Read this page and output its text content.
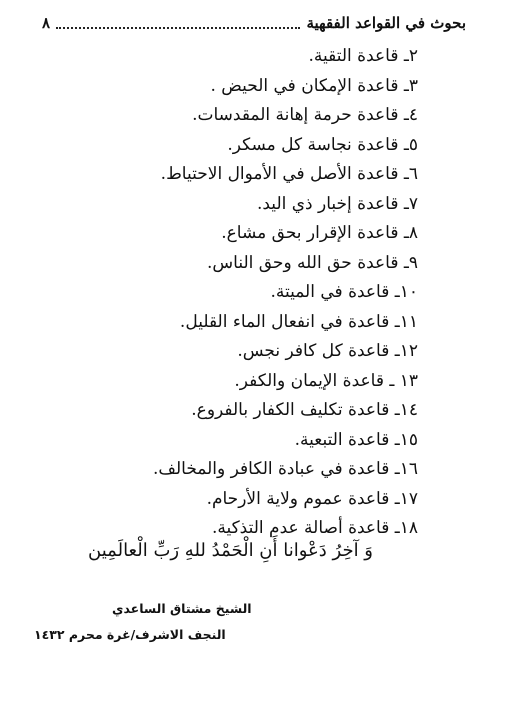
بحوث في القواعد الفقهية
٨
٢ـ قاعدة التقية.
٣ـ قاعدة الإمكان في الحيض .
٤ـ قاعدة حرمة إهانة المقدسات.
٥ـ قاعدة نجاسة كل مسكر.
٦ـ قاعدة الأصل في الأموال الاحتياط.
٧ـ قاعدة إخبار ذي اليد.
٨ـ قاعدة الإقرار بحق مشاع.
٩ـ قاعدة حق الله وحق الناس.
١٠ـ قاعدة في الميتة.
١١ـ قاعدة في انفعال الماء القليل.
١٢ـ قاعدة كل كافر نجس.
١٣ ـ قاعدة الإيمان والكفر.
١٤ـ قاعدة تكليف الكفار بالفروع.
١٥ـ قاعدة التبعية.
١٦ـ قاعدة في عبادة الكافر والمخالف.
١٧ـ قاعدة عموم ولاية الأرحام.
١٨ـ قاعدة أصالة عدم التذكية.
وَ آخِرُ دَعْوانا أَنِ الْحَمْدُ للهِ رَبِّ الْعالَمِين
الشيخ مشتاق الساعدي
النجف الاشرف/غرة محرم ١٤٣٢
